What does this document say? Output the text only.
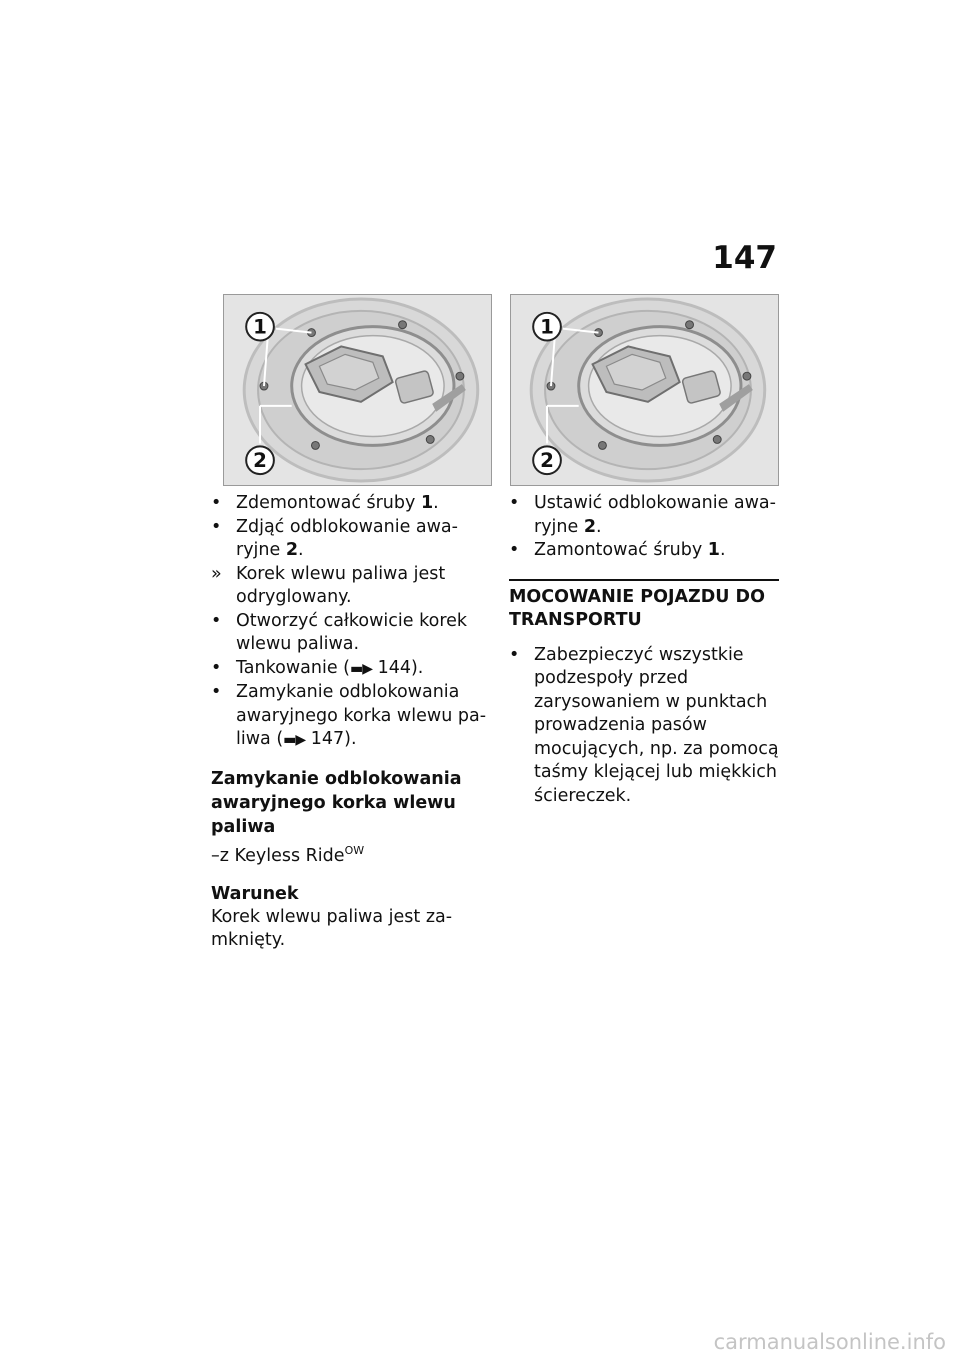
147
1
2
1
2
• Zdemontować śruby 1.
• Zdjąć odblokowanie awaryjne 2.
» Korek wlewu paliwa jest odryglowany.
• Otworzyć całkowicie korek wlewu paliwa.
• Tankowanie (▬▶ 144).
• Zamykanie odblokowania awaryjnego korka wlewu paliwa (▬▶ 147).
Zamykanie odblokowania awaryjnego korka wlewu paliwa

–z Keyless Ride$^{OW}$

Warunek

Korek wlewu paliwa jest zamknięty.

• Ustawić odblokowanie awaryjne 2.
• Zamontować śruby 1.
MOCOWANIE POJAZDU DO TRANSPORTU
• Zabezpieczyć wszystkie podzespoły przed zarysowaniem w punktach prowadzenia pasów mocujących, np. za pomocą taśmy klejącej lub miękkich ściereczek.
carmanualsonline.info
